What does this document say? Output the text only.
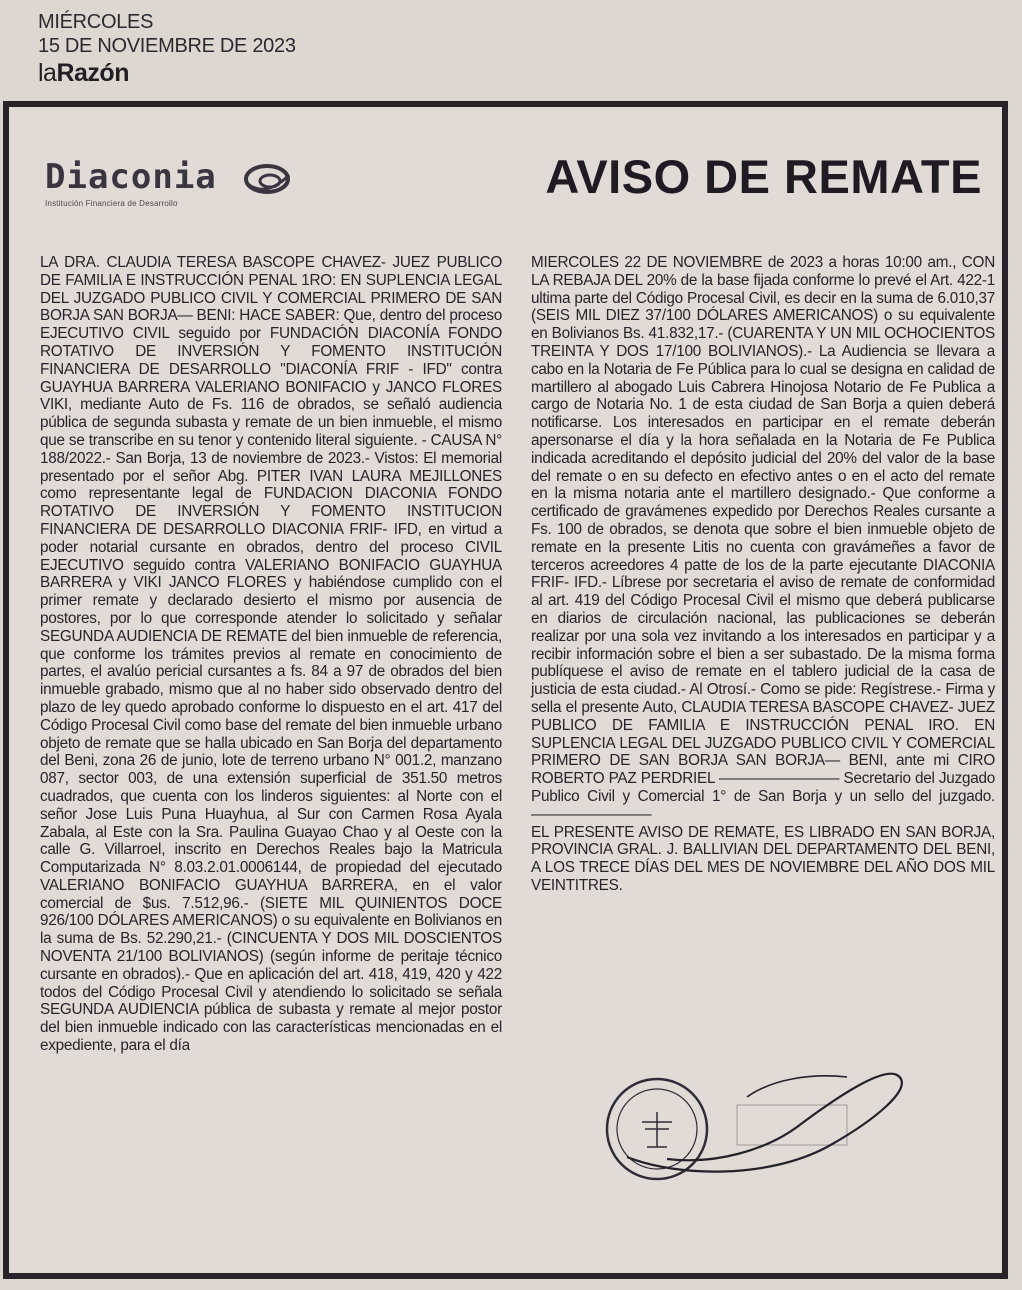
MIÉRCOLES
15 DE NOVIEMBRE DE 2023
laRazón
Diaconia
Institución Financiera de Desarrollo
AVISO DE REMATE

LA DRA. CLAUDIA TERESA BASCOPE CHAVEZ- JUEZ PUBLICO DE FAMILIA E INSTRUCCIÓN PENAL 1RO: EN SUPLENCIA LEGAL DEL JUZGADO PUBLICO CIVIL Y COMERCIAL PRIMERO DE SAN BORJA SAN BORJA— BENI: HACE SABER: Que, dentro del proceso EJECUTIVO CIVIL seguido por FUNDACIÓN DIACONÍA FONDO ROTATIVO DE INVERSIÓN Y FOMENTO INSTITUCIÓN FINANCIERA DE DESARROLLO "DIACONÍA FRIF - IFD" contra GUAYHUA BARRERA VALERIANO BONIFACIO y JANCO FLORES VIKI, mediante Auto de Fs. 116 de obrados, se señaló audiencia pública de segunda subasta y remate de un bien inmueble, el mismo que se transcribe en su tenor y contenido literal siguiente. - CAUSA N° 188/2022.- San Borja, 13 de noviembre de 2023.- Vistos: El memorial presentado por el señor Abg. PITER IVAN LAURA MEJILLONES como representante legal de FUNDACION DIACONIA FONDO ROTATIVO DE INVERSIÓN Y FOMENTO INSTITUCION FINANCIERA DE DESARROLLO DIACONIA FRIF- IFD, en virtud a poder notarial cursante en obrados, dentro del proceso CIVIL EJECUTIVO seguido contra VALERIANO BONIFACIO GUAYHUA BARRERA y VIKI JANCO FLORES y habiéndose cumplido con el primer remate y declarado desierto el mismo por ausencia de postores, por lo que corresponde atender lo solicitado y señalar SEGUNDA AUDIENCIA DE REMATE del bien inmueble de referencia, que conforme los trámites previos al remate en conocimiento de partes, el avalúo pericial cursantes a fs. 84 a 97 de obrados del bien inmueble grabado, mismo que al no haber sido observado dentro del plazo de ley quedo aprobado conforme lo dispuesto en el art. 417 del Código Procesal Civil como base del remate del bien inmueble urbano objeto de remate que se halla ubicado en San Borja del departamento del Beni, zona 26 de junio, lote de terreno urbano N° 001.2, manzano 087, sector 003, de una extensión superficial de 351.50 metros cuadrados, que cuenta con los linderos siguientes: al Norte con el señor Jose Luis Puna Huayhua, al Sur con Carmen Rosa Ayala Zabala, al Este con la Sra. Paulina Guayao Chao y al Oeste con la calle G. Villarroel, inscrito en Derechos Reales bajo la Matricula Computarizada N° 8.03.2.01.0006144, de propiedad del ejecutado VALERIANO BONIFACIO GUAYHUA BARRERA, en el valor comercial de $us. 7.512,96.- (SIETE MIL QUINIENTOS DOCE 926/100 DÓLARES AMERICANOS) o su equivalente en Bolivianos en la suma de Bs. 52.290,21.- (CINCUENTA Y DOS MIL DOSCIENTOS NOVENTA 21/100 BOLIVIANOS) (según informe de peritaje técnico cursante en obrados).- Que en aplicación del art. 418, 419, 420 y 422 todos del Código Procesal Civil y atendiendo lo solicitado se señala SEGUNDA AUDIENCIA pública de subasta y remate al mejor postor del bien inmueble indicado con las características mencionadas en el expediente, para el día

MIERCOLES 22 DE NOVIEMBRE de 2023 a horas 10:00 am., CON LA REBAJA DEL 20% de la base fijada conforme lo prevé el Art. 422-1 ultima parte del Código Procesal Civil, es decir en la suma de 6.010,37 (SEIS MIL DIEZ 37/100 DÓLARES AMERICANOS) o su equivalente en Bolivianos Bs. 41.832,17.- (CUARENTA Y UN MIL OCHOCIENTOS TREINTA Y DOS 17/100 BOLIVIANOS).- La Audiencia se llevara a cabo en la Notaria de Fe Pública para lo cual se designa en calidad de martillero al abogado Luis Cabrera Hinojosa Notario de Fe Publica a cargo de Notaria No. 1 de esta ciudad de San Borja a quien deberá notificarse. Los interesados en participar en el remate deberán apersonarse el día y la hora señalada en la Notaria de Fe Publica indicada acreditando el depósito judicial del 20% del valor de la base del remate o en su defecto en efectivo antes o en el acto del remate en la misma notaria ante el martillero designado.- Que conforme a certificado de gravámenes expedido por Derechos Reales cursante a Fs. 100 de obrados, se denota que sobre el bien inmueble objeto de remate en la presente Litis no cuenta con gravámeñes a favor de terceros acreedores 4 patte de los de la parte ejecutante DIACONIA FRIF- IFD.- Líbrese por secretaria el aviso de remate de conformidad al art. 419 del Código Procesal Civil el mismo que deberá publicarse en diarios de circulación nacional, las publicaciones se deberán realizar por una sola vez invitando a los interesados en participar y a recibir información sobre el bien a ser subastado. De la misma forma publíquese el aviso de remate en el tablero judicial de la casa de justicia de esta ciudad.- Al Otrosí.- Como se pide: Regístrese.- Firma y sella el presente Auto, CLAUDIA TERESA BASCOPE CHAVEZ- JUEZ PUBLICO DE FAMILIA E INSTRUCCIÓN PENAL IRO. EN SUPLENCIA LEGAL DEL JUZGADO PUBLICO CIVIL Y COMERCIAL PRIMERO DE SAN BORJA SAN BORJA— BENI, ante mi CIRO ROBERTO PAZ PERDRIEL ———————— Secretario del Juzgado Publico Civil y Comercial 1° de San Borja y un sello del juzgado. ————————

EL PRESENTE AVISO DE REMATE, ES LIBRADO EN SAN BORJA, PROVINCIA GRAL. J. BALLIVIAN DEL DEPARTAMENTO DEL BENI, A LOS TRECE DÍAS DEL MES DE NOVIEMBRE DEL AÑO DOS MIL VEINTITRES.
